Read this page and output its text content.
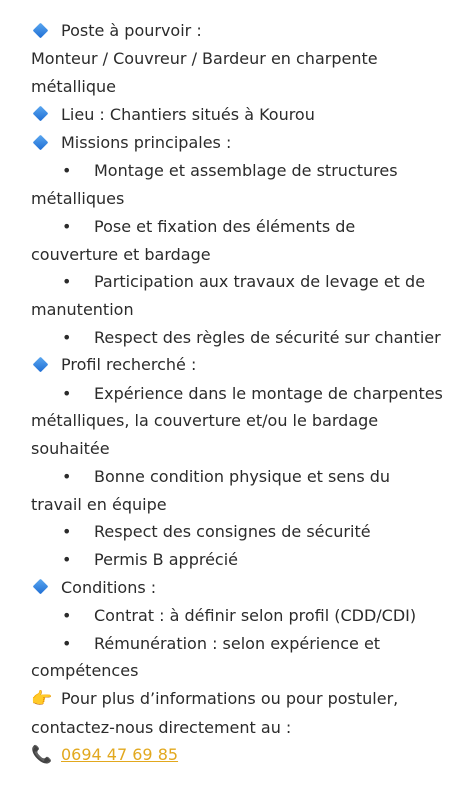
Poste à pourvoir :
Monteur / Couvreur / Bardeur en charpente
métallique
Lieu : Chantiers situés à Kourou
Missions principales :
• Montage et assemblage de structures
métalliques
• Pose et fixation des éléments de
couverture et bardage
• Participation aux travaux de levage et de
manutention
• Respect des règles de sécurité sur chantier
Profil recherché :
• Expérience dans le montage de charpentes
métalliques, la couverture et/ou le bardage
souhaitée
• Bonne condition physique et sens du
travail en équipe
• Respect des consignes de sécurité
• Permis B apprécié
Conditions :
• Contrat : à définir selon profil (CDD/CDI)
• Rémunération : selon expérience et
compétences
👉 Pour plus d’informations ou pour postuler,
contactez-nous directement au :
📞 0694 47 69 85
